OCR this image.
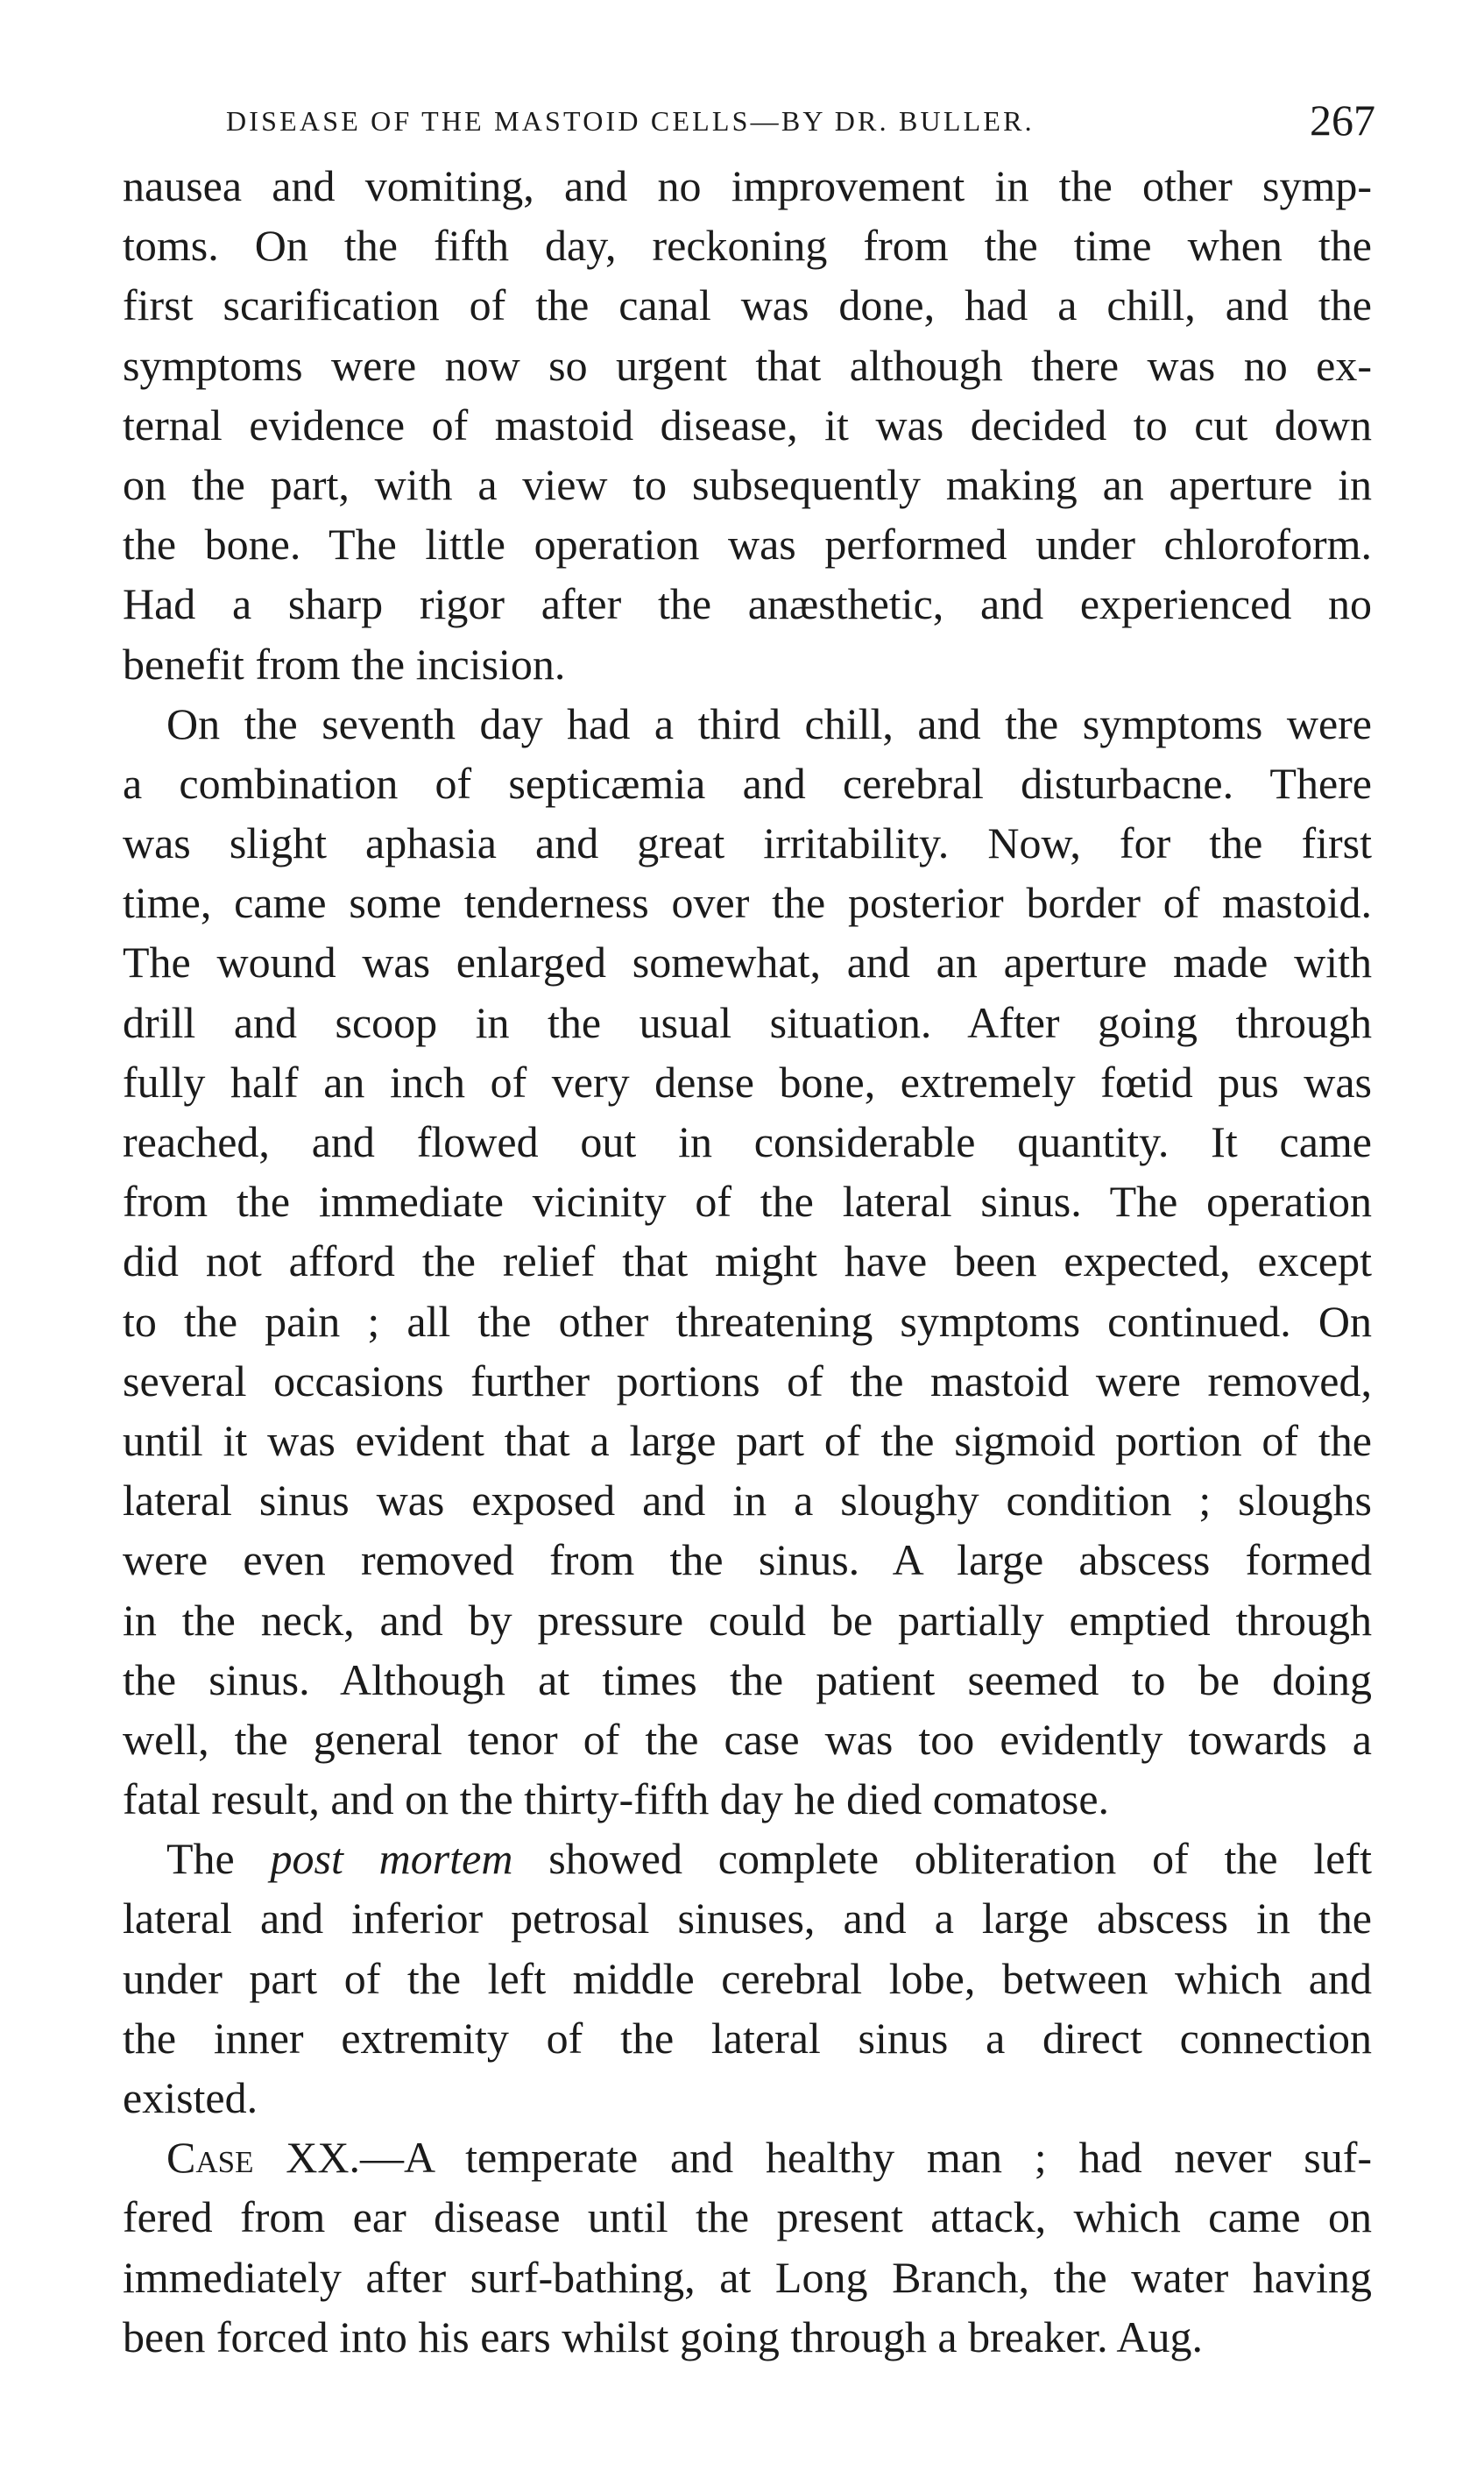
DISEASE OF THE MASTOID CELLS—BY DR. BULLER.	267
nausea and vomiting, and no improvement in the other symp-
toms. On the fifth day, reckoning from the time when the
first scarification of the canal was done, had a chill, and the
symptoms were now so urgent that although there was no ex-
ternal evidence of mastoid disease, it was decided to cut down
on the part, with a view to subsequently making an aperture in
the bone. The little operation was performed under chloroform.
Had a sharp rigor after the anæsthetic, and experienced no
benefit from the incision.
On the seventh day had a third chill, and the symptoms were
a combination of septicæmia and cerebral disturbacne. There
was slight aphasia and great irritability. Now, for the first
time, came some tenderness over the posterior border of mastoid.
The wound was enlarged somewhat, and an aperture made with
drill and scoop in the usual situation. After going through
fully half an inch of very dense bone, extremely fœtid pus was
reached, and flowed out in considerable quantity. It came
from the immediate vicinity of the lateral sinus. The operation
did not afford the relief that might have been expected, except
to the pain ; all the other threatening symptoms continued. On
several occasions further portions of the mastoid were removed,
until it was evident that a large part of the sigmoid portion of the
lateral sinus was exposed and in a sloughy condition ; sloughs
were even removed from the sinus. A large abscess formed
in the neck, and by pressure could be partially emptied through
the sinus. Although at times the patient seemed to be doing
well, the general tenor of the case was too evidently towards a
fatal result, and on the thirty-fifth day he died comatose.
The post mortem showed complete obliteration of the left
lateral and inferior petrosal sinuses, and a large abscess in the
under part of the left middle cerebral lobe, between which and
the inner extremity of the lateral sinus a direct connection
existed.
Case XX.—A temperate and healthy man ; had never suf-
fered from ear disease until the present attack, which came on
immediately after surf-bathing, at Long Branch, the water having
been forced into his ears whilst going through a breaker. Aug.
